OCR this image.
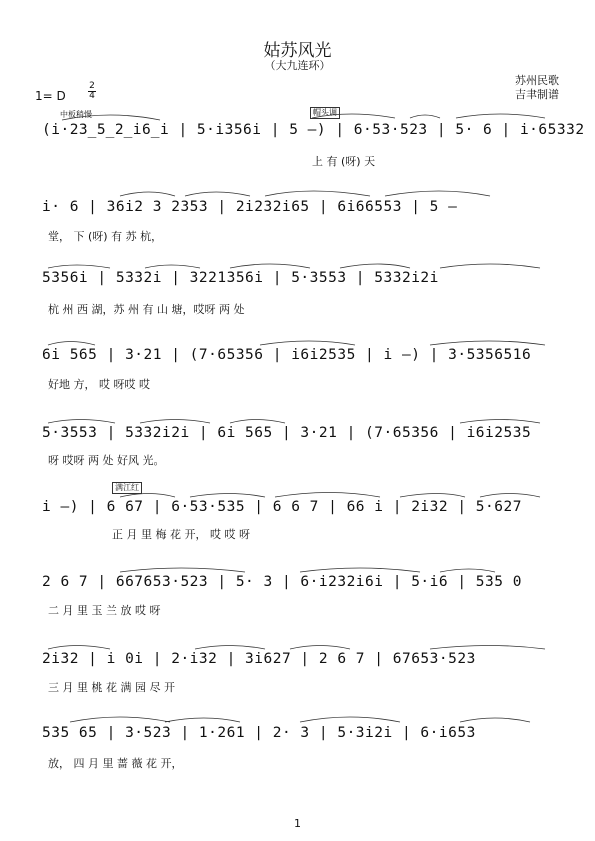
姑苏风光
（大九连环）
1= D
2
4
苏州民歌
吉聿制谱
中板稍慢	帽头调
满江红
(i·23̲5̲2̲i6̲i | 5·i356i | 5 –) | 6·53·523 | 5· 6 | i·65332
上 有 (呀) 天
i· 6 | 36i2 3 2353 | 2i232i65 | 6i66553 | 5 –
堂， 下 (呀) 有 苏 杭，
5356i | 5332i | 3221356i | 5·3553 | 5332i2i
杭 州 西 湖，苏 州 有 山 塘，哎呀 两 处
6i 565 | 3·21 | (7·65356 | i6i2535 | i –) | 3·5356516
好地 方， 哎 呀哎 哎
5·3553 | 5332i2i | 6i 565 | 3·21 | (7·65356 | i6i2535
呀 哎呀 两 处 好风 光。
i –) | 6 67 | 6·53·535 | 6 6 7 | 66 i | 2i32 | 5·627
正 月 里 梅 花 开， 哎 哎 呀
2 6 7 | 667653·523 | 5· 3 | 6·i232i6i | 5·i6 | 535 0
二 月 里 玉 兰 放 哎 呀
2i32 | i 0i | 2·i32 | 3i627 | 2 6 7 | 67653·523
三 月 里 桃 花 满 园 尽 开
535 65 | 3·523 | 1·261 | 2· 3 | 5·3i2i | 6·i653
放， 四 月 里 蔷 薇 花 开，
1
